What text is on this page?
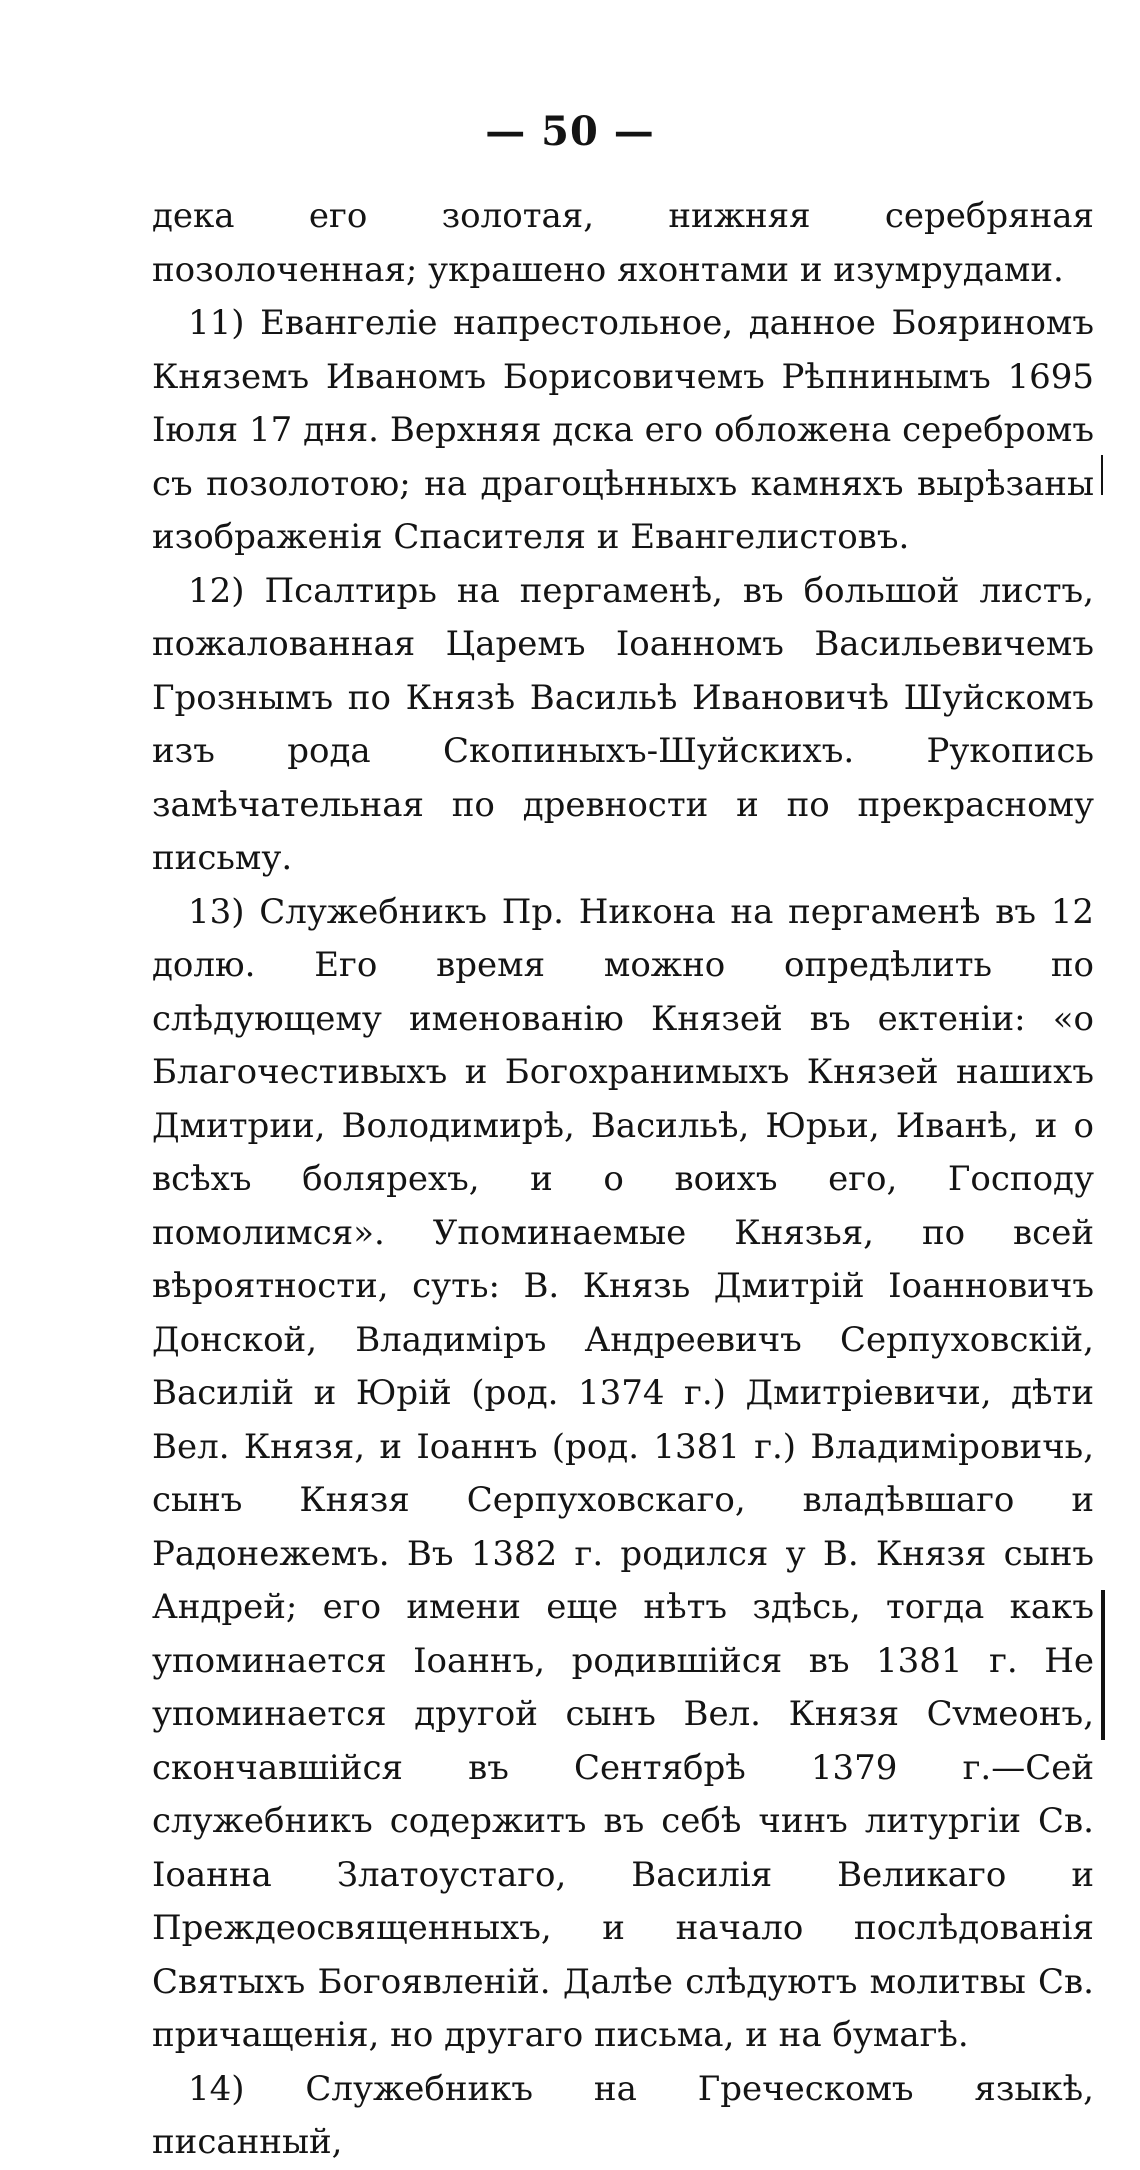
— 50 —

дека его золотая, нижняя серебряная позолоченная; украшено яхонтами и изумрудами.

11) Евангеліе напрестольное, данное Бояриномъ Княземъ Иваномъ Борисовичемъ Рѣпнинымъ 1695 Іюля 17 дня. Верхняя дска его обложена серебромъ съ позолотою; на драгоцѣнныхъ камняхъ вырѣзаны изображенія Спасителя и Евангелистовъ.

12) Псалтирь на пергаменѣ, въ большой листъ, пожалованная Царемъ Іоанномъ Васильевичемъ Грознымъ по Князѣ Васильѣ Ивановичѣ Шуйскомъ изъ рода Скопиныхъ-Шуйскихъ. Рукопись замѣчательная по древности и по прекрасному письму.

13) Служебникъ Пр. Никона на пергаменѣ въ 12 долю. Его время можно опредѣлить по слѣдующему именованію Князей въ ектеніи: «о Благочестивыхъ и Богохранимыхъ Князей нашихъ Дмитрии, Володимирѣ, Васильѣ, Юрьи, Иванѣ, и о всѣхъ болярехъ, и о воихъ его, Господу помолимся». Упоминаемые Князья, по всей вѣроятности, суть: В. Князь Дмитрій Іоанновичъ Донской, Владиміръ Андреевичъ Серпуховскій, Василій и Юрій (род. 1374 г.) Дмитріевичи, дѣти Вел. Князя, и Іоаннъ (род. 1381 г.) Владиміровичь, сынъ Князя Серпуховскаго, владѣвшаго и Радонежемъ. Въ 1382 г. родился у В. Князя сынъ Андрей; его имени еще нѣтъ здѣсь, тогда какъ упоминается Іоаннъ, родившійся въ 1381 г. Не упоминается другой сынъ Вел. Князя Сvмеонъ, скончавшійся въ Сентябрѣ 1379 г.—Сей служебникъ содержитъ въ себѣ чинъ литургіи Св. Іоанна Златоустаго, Василія Великаго и Преждеосвященныхъ, и начало послѣдованія Святыхъ Богоявленій. Далѣе слѣдуютъ молитвы Св. причащенія, но другаго письма, и на бумагѣ.

14) Служебникъ на Греческомъ языкѣ, писанный,
